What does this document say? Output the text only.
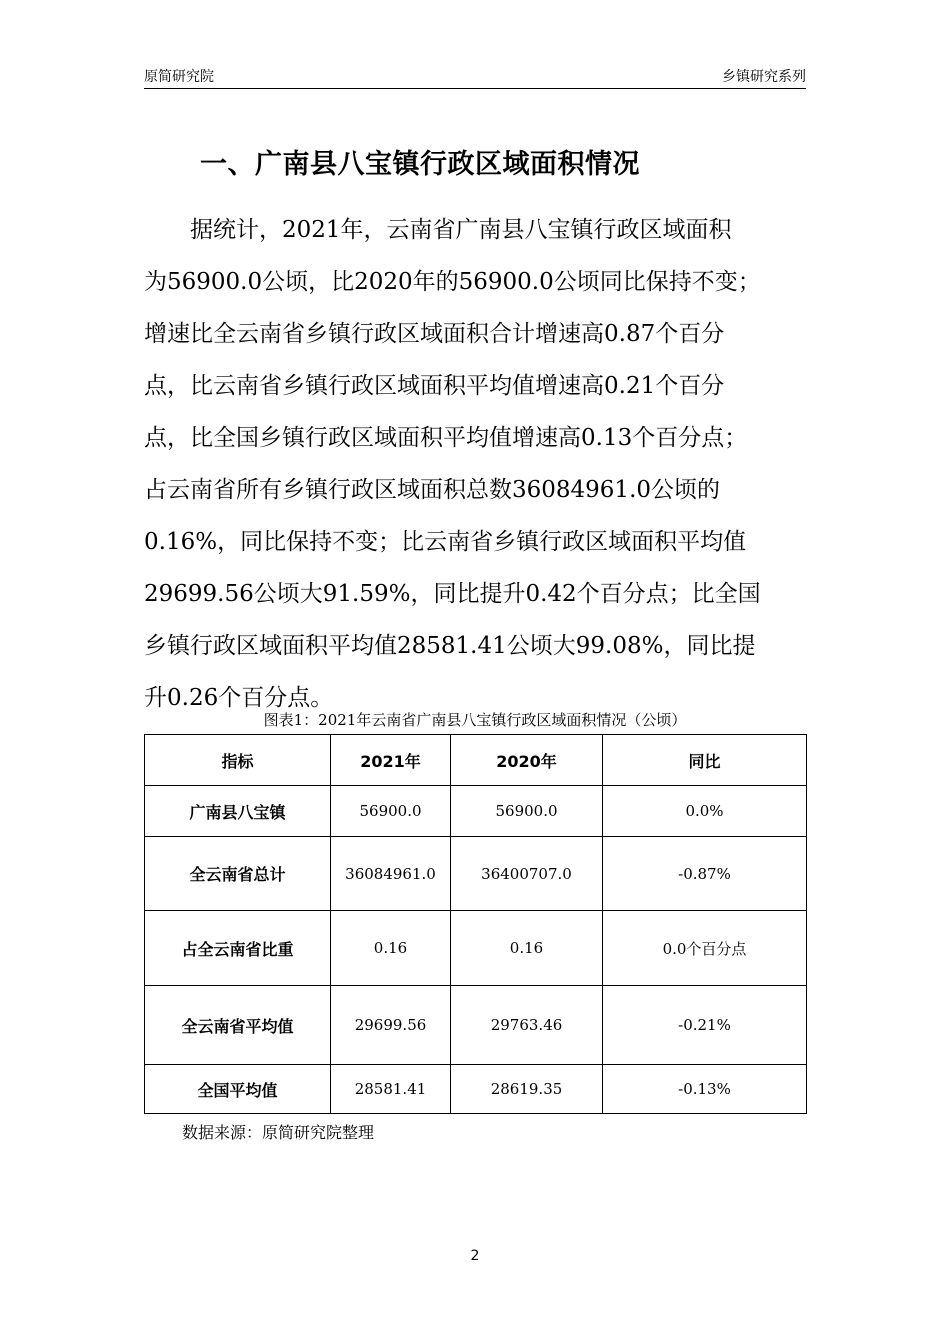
原简研究院	乡镇研究系列
一、广南县八宝镇行政区域面积情况
　　据统计，2021年，云南省广南县八宝镇行政区域面积
为56900.0公顷，比2020年的56900.0公顷同比保持不变；
增速比全云南省乡镇行政区域面积合计增速高0.87个百分
点，比云南省乡镇行政区域面积平均值增速高0.21个百分
点，比全国乡镇行政区域面积平均值增速高0.13个百分点；
占云南省所有乡镇行政区域面积总数36084961.0公顷的
0.16%，同比保持不变；比云南省乡镇行政区域面积平均值
29699.56公顷大91.59%，同比提升0.42个百分点；比全国
乡镇行政区域面积平均值28581.41公顷大99.08%，同比提
升0.26个百分点。
图表1：2021年云南省广南县八宝镇行政区域面积情况（公顷）
指标	2021年	2020年	同比
广南县八宝镇	56900.0	56900.0	0.0%
全云南省总计	36084961.0	36400707.0	-0.87%
占全云南省比重	0.16	0.16	0.0个百分点
全云南省平均值	29699.56	29763.46	-0.21%
全国平均值	28581.41	28619.35	-0.13%
数据来源：原简研究院整理
2
